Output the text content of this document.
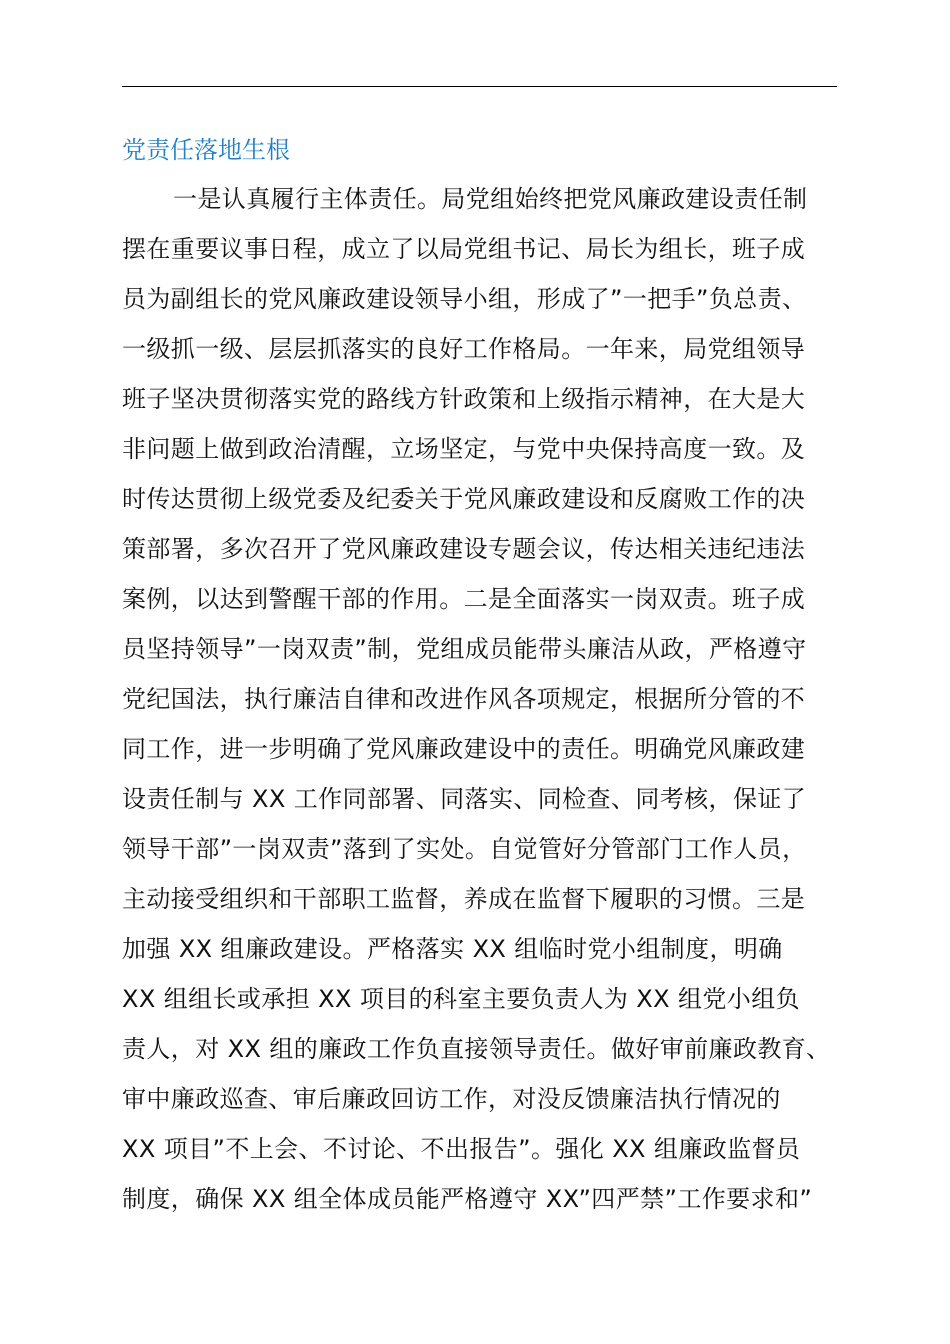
党责任落地生根
一是认真履行主体责任。局党组始终把党风廉政建设责任制
摆在重要议事日程，成立了以局党组书记、局长为组长，班子成
员为副组长的党风廉政建设领导小组，形成了”一把手”负总责、
一级抓一级、层层抓落实的良好工作格局。一年来，局党组领导
班子坚决贯彻落实党的路线方针政策和上级指示精神，在大是大
非问题上做到政治清醒，立场坚定，与党中央保持高度一致。及
时传达贯彻上级党委及纪委关于党风廉政建设和反腐败工作的决
策部署，多次召开了党风廉政建设专题会议，传达相关违纪违法
案例，以达到警醒干部的作用。二是全面落实一岗双责。班子成
员坚持领导”一岗双责”制，党组成员能带头廉洁从政，严格遵守
党纪国法，执行廉洁自律和改进作风各项规定，根据所分管的不
同工作，进一步明确了党风廉政建设中的责任。明确党风廉政建
设责任制与 XX 工作同部署、同落实、同检查、同考核，保证了
领导干部”一岗双责”落到了实处。自觉管好分管部门工作人员，
主动接受组织和干部职工监督，养成在监督下履职的习惯。三是
加强 XX 组廉政建设。严格落实 XX 组临时党小组制度，明确
XX 组组长或承担 XX 项目的科室主要负责人为 XX 组党小组负
责人，对 XX 组的廉政工作负直接领导责任。做好审前廉政教育、
审中廉政巡查、审后廉政回访工作，对没反馈廉洁执行情况的
XX 项目”不上会、不讨论、不出报告”。强化 XX 组廉政监督员
制度，确保 XX 组全体成员能严格遵守 XX”四严禁”工作要求和”
